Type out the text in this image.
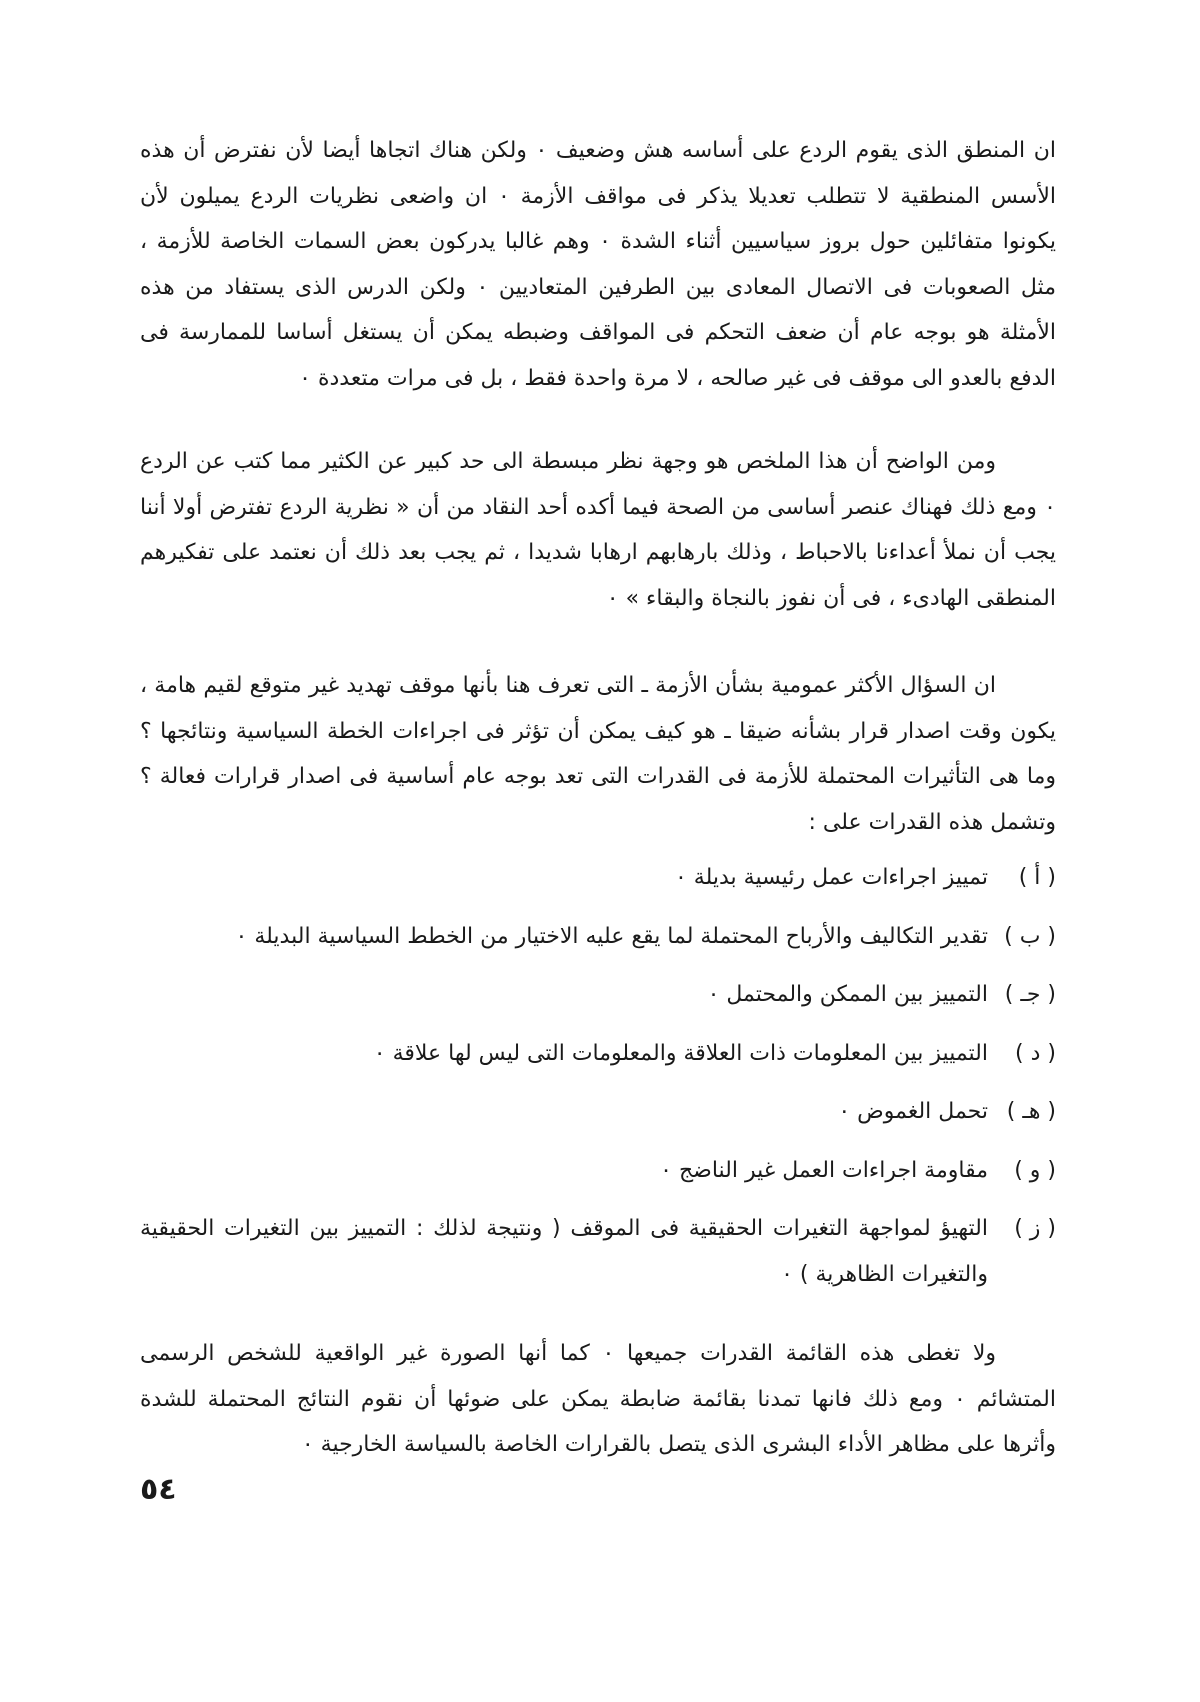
ان المنطق الذى يقوم الردع على أساسه هش وضعيف ٠ ولكن هناك اتجاها أيضا لأن نفترض أن هذه الأسس المنطقية لا تتطلب تعديلا يذكر فى مواقف الأزمة ٠ ان واضعى نظريات الردع يميلون لأن يكونوا متفائلين حول بروز سياسيين أثناء الشدة ٠ وهم غالبا يدركون بعض السمات الخاصة للأزمة ، مثل الصعوبات فى الاتصال المعادى بين الطرفين المتعاديين ٠ ولكن الدرس الذى يستفاد من هذه الأمثلة هو بوجه عام أن ضعف التحكم فى المواقف وضبطه يمكن أن يستغل أساسا للممارسة فى الدفع بالعدو الى موقف فى غير صالحه ، لا مرة واحدة فقط ، بل فى مرات متعددة ٠

ومن الواضح أن هذا الملخص هو وجهة نظر مبسطة الى حد كبير عن الكثير مما كتب عن الردع ٠ ومع ذلك فهناك عنصر أساسى من الصحة فيما أكده أحد النقاد من أن « نظرية الردع تفترض أولا أننا يجب أن نملأ أعداءنا بالاحباط ، وذلك بارهابهم ارهابا شديدا ، ثم يجب بعد ذلك أن نعتمد على تفكيرهم المنطقى الهادىء ، فى أن نفوز بالنجاة والبقاء » ٠

ان السؤال الأكثر عمومية بشأن الأزمة ـ التى تعرف هنا بأنها موقف تهديد غير متوقع لقيم هامة ، يكون وقت اصدار قرار بشأنه ضيقا ـ هو كيف يمكن أن تؤثر فى اجراءات الخطة السياسية ونتائجها ؟ وما هى التأثيرات المحتملة للأزمة فى القدرات التى تعد بوجه عام أساسية فى اصدار قرارات فعالة ؟ وتشمل هذه القدرات على :

( أ )
تمييز اجراءات عمل رئيسية بديلة ٠
( ب )
تقدير التكاليف والأرباح المحتملة لما يقع عليه الاختيار من الخطط السياسية البديلة ٠
( جـ )
التمييز بين الممكن والمحتمل ٠
( د )
التمييز بين المعلومات ذات العلاقة والمعلومات التى ليس لها علاقة ٠
( هـ )
تحمل الغموض ٠
( و )
مقاومة اجراءات العمل غير الناضج ٠
( ز )
التهيؤ لمواجهة التغيرات الحقيقية فى الموقف ( ونتيجة لذلك : التمييز بين التغيرات الحقيقية والتغيرات الظاهرية ) ٠

ولا تغطى هذه القائمة القدرات جميعها ٠ كما أنها الصورة غير الواقعية للشخص الرسمى المتشائم ٠ ومع ذلك فانها تمدنا بقائمة ضابطة يمكن على ضوئها أن نقوم النتائج المحتملة للشدة وأثرها على مظاهر الأداء البشرى الذى يتصل بالقرارات الخاصة بالسياسة الخارجية ٠

٥٤
